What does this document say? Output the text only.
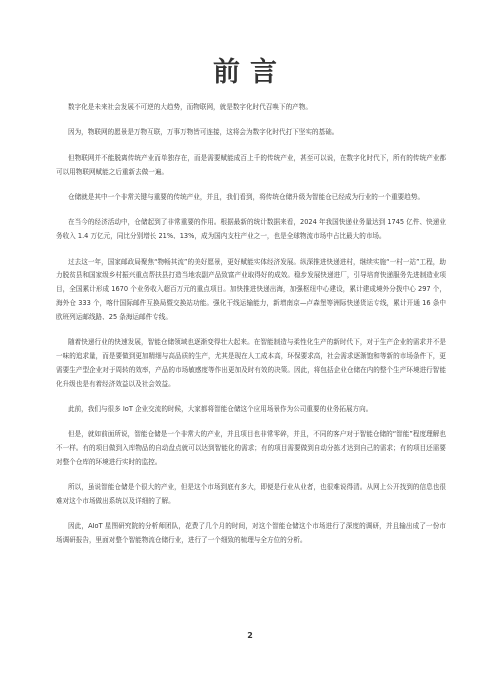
前言

数字化是未来社会发展不可逆的大趋势，而物联网，就是数字化时代召唤下的产物。

因为，物联网的愿景是万物互联，万事万物皆可连接，这将会为数字化时代打下坚实的基础。

但物联网并不能脱离传统产业而单独存在，而是需要赋能成百上千的传统产业，甚至可以说，在数字化时代下，所有的传统产业都可以用物联网赋能之后重新去做一遍。

仓储就是其中一个非常关键与重要的传统产业，并且，我们看到，将传统仓储升级为智能仓已经成为行业的一个重要趋势。

在当今的经济活动中，仓储起到了非常重要的作用。根据最新的统计数据来看，2024 年我国快递业务量达到 1745 亿件、快递业务收入 1.4 万亿元，同比分别增长 21%、13%，成为国内支柱产业之一，也是全球物流市场中占比最大的市场。

过去这一年，国家邮政局聚焦“物畅其流”的美好愿景，更好赋能实体经济发展。纵深推进快递进村，继续实施“一村一站”工程，助力脱贫县和国家级乡村振兴重点帮扶县打造当地农副产品致富产业取得好的成效。稳步发展快递进厂，引导培育快递服务先进制造业项目，全国累计形成 1670 个业务收入超百万元的重点项目。加快推进快递出海，加强枢纽中心建设，累计建成境外分拨中心 297 个，海外仓 333 个，喀什国际邮件互换局暨交换站功能。强化干线运输能力，新增南京—卢森堡等洲际快递货运专线，累计开通 16 条中欧班列运邮线路、25 条海运邮件专线。

随着快递行业的快速发展，智能仓储领域也逐渐变得壮大起来。在智能制造与柔性化生产的新时代下，对于生产企业的需求并不是一味的追求量，而是要做到更加精细与高品质的生产，尤其是现在人工成本高，环保要求高，社会需求逐渐饱和等新的市场条件下，更需要生产型企业对于周转的效率，产品的市场敏感度等作出更加及时有效的决策。因此，将包括企业仓储在内的整个生产环境进行智能化升级也是有着经济效益以及社会效益。

此前，我们与很多 IoT 企业交流的时候，大家都将智能仓储这个应用场景作为公司重要的业务拓展方向。

但是，就如前面所说，智能仓储是一个非常大的产业，并且项目也非常零碎，并且，不同的客户对于智能仓储的“智能”程度理解也不一样。有的项目做到入库物品的自动盘点就可以达到智能化的需求；有的项目需要做到自动分拣才达到自己的需求；有的项目还需要对整个仓库的环境进行实时的监控。

所以，虽说智能仓储是个很大的产业，但是这个市场到底有多大，即便是行业从业者，也很难说得清。从网上公开找到的信息也很难对这个市场做出系统以及详细的了解。

因此，AIoT 星图研究院的分析师团队，花费了几个月的时间，对这个智能仓储这个市场进行了深度的调研，并且输出成了一份市场调研报告，里面对整个智能物流仓储行业，进行了一个细致的梳理与全方位的分析。

2
